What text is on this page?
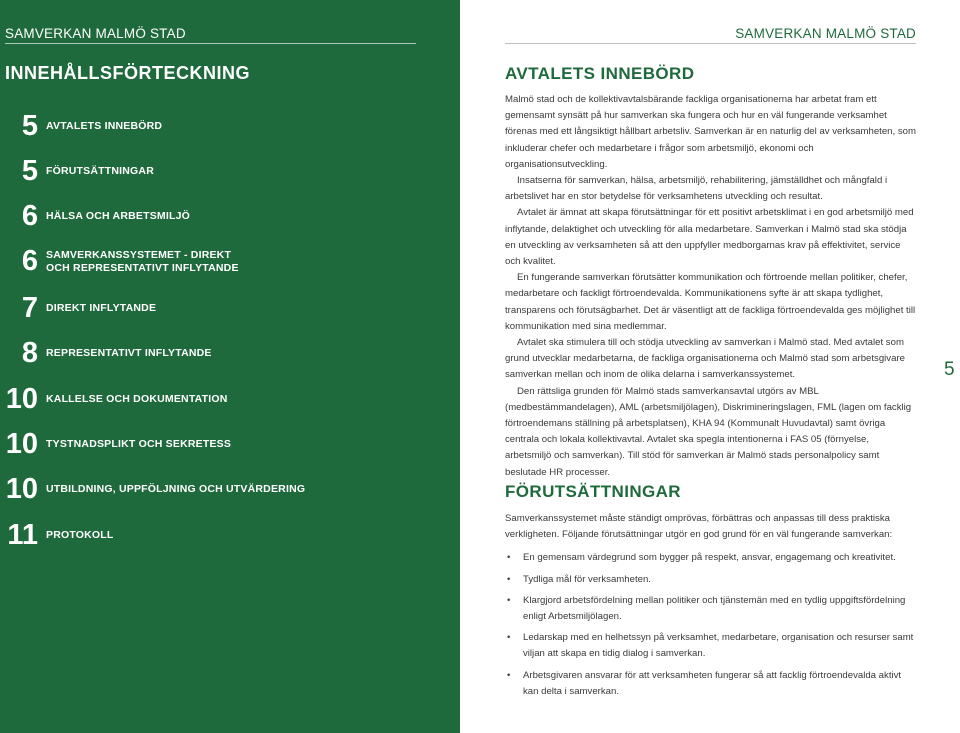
SAMVERKAN MALMÖ STAD
INNEHÅLLSFÖRTECKNING
5 AVTALETS INNEBÖRD
5 FÖRUTSÄTTNINGAR
6 HÄLSA OCH ARBETSMILJÖ
6 SAMVERKANSSYSTEMET - DIREKT
OCH REPRESENTATIVT INFLYTANDE
7 DIREKT INFLYTANDE
8 REPRESENTATIVT INFLYTANDE
10 KALLELSE OCH DOKUMENTATION
10 TYSTNADSPLIKT OCH SEKRETESS
10 UTBILDNING, UPPFÖLJNING OCH UTVÄRDERING
11 PROTOKOLL
SAMVERKAN MALMÖ STAD
AVTALETS INNEBÖRD

Malmö stad och de kollektivavtalsbärande fackliga organisationerna har arbetat fram ett gemensamt synsätt på hur samverkan ska fungera och hur en väl fungerande verksamhet förenas med ett långsiktigt hållbart arbetsliv. Samverkan är en naturlig del av verksamheten, som inkluderar chefer och medarbetare i frågor som arbetsmiljö, ekonomi och organisationsutveckling.

Insatserna för samverkan, hälsa, arbetsmiljö, rehabilitering, jämställdhet och mångfald i arbetslivet har en stor betydelse för verksamhetens utveckling och resultat.

Avtalet är ämnat att skapa förutsättningar för ett positivt arbetsklimat i en god arbetsmiljö med inflytande, delaktighet och utveckling för alla medarbetare. Samverkan i Malmö stad ska stödja en utveckling av verksamheten så att den uppfyller medborgarnas krav på effektivitet, service och kvalitet.

En fungerande samverkan förutsätter kommunikation och förtroende mellan politiker, chefer, medarbetare och fackligt förtroendevalda. Kommunikationens syfte är att skapa tydlighet, transparens och förutsägbarhet. Det är väsentligt att de fackliga förtroendevalda ges möjlighet till kommunikation med sina medlemmar.

Avtalet ska stimulera till och stödja utveckling av samverkan i Malmö stad. Med avtalet som grund utvecklar medarbetarna, de fackliga organisationerna och Malmö stad som arbetsgivare samverkan mellan och inom de olika delarna i samverkanssystemet.

Den rättsliga grunden för Malmö stads samverkansavtal utgörs av MBL (medbestämmandelagen), AML (arbetsmiljölagen), Diskrimineringslagen, FML (lagen om facklig förtroendemans ställning på arbetsplatsen), KHA 94 (Kommunalt Huvudavtal) samt övriga centrala och lokala kollektivavtal. Avtalet ska spegla intentionerna i FAS 05 (förnyelse, arbetsmiljö och samverkan). Till stöd för samverkan är Malmö stads personalpolicy samt beslutade HR processer.

FÖRUTSÄTTNINGAR

Samverkanssystemet måste ständigt omprövas, förbättras och anpassas till dess praktiska verkligheten. Följande förutsättningar utgör en god grund för en väl fungerande samverkan:

• En gemensam värdegrund som bygger på respekt, ansvar, engagemang och kreativitet.
• Tydliga mål för verksamheten.
• Klargjord arbetsfördelning mellan politiker och tjänstemän med en tydlig uppgiftsfördelning enligt Arbetsmiljölagen.
• Ledarskap med en helhetssyn på verksamhet, medarbetare, organisation och resurser samt viljan att skapa en tidig dialog i samverkan.
• Arbetsgivaren ansvarar för att verksamheten fungerar så att facklig förtroendevalda aktivt kan delta i samverkan.
5
